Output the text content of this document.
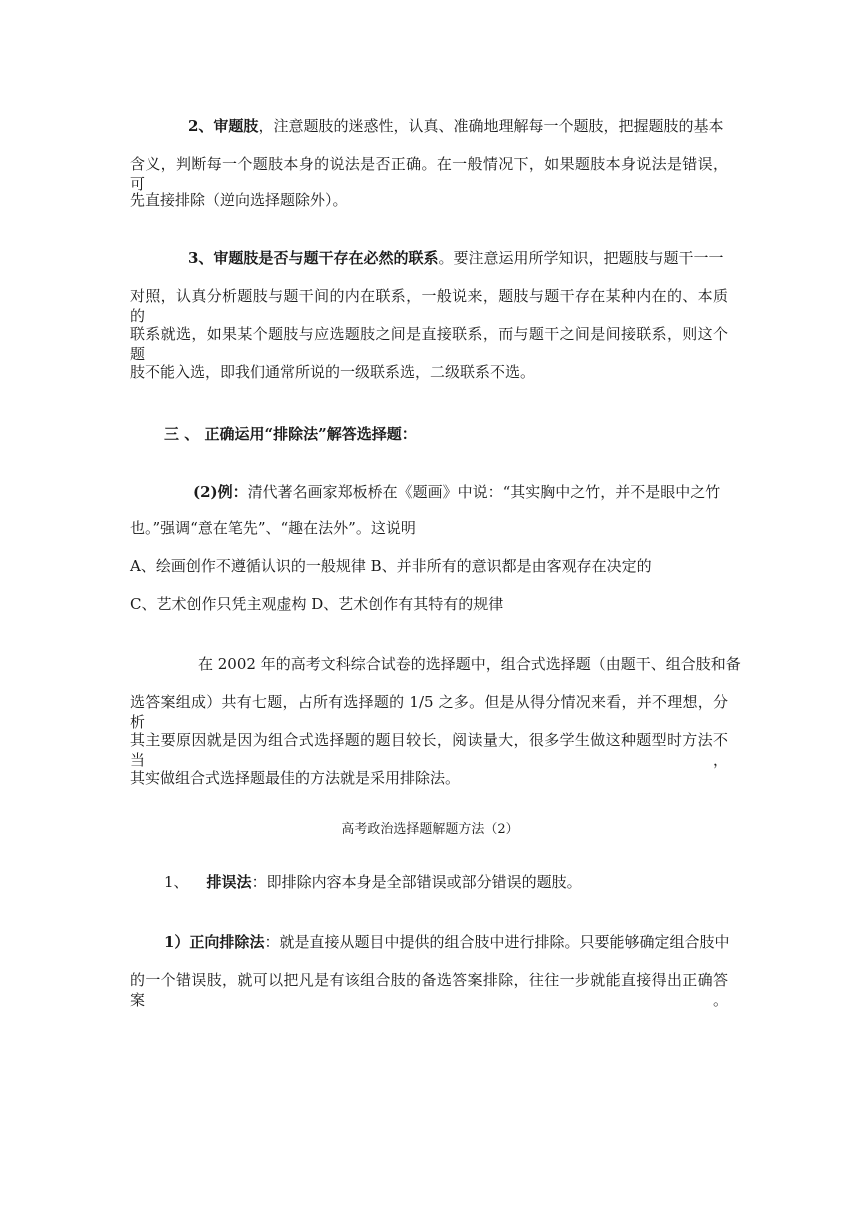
2、审题肢，注意题肢的迷惑性，认真、准确地理解每一个题肢，把握题肢的基本
含义，判断每一个题肢本身的说法是否正确。在一般情况下，如果题肢本身说法是错误，可
先直接排除（逆向选择题除外）。
3、审题肢是否与题干存在必然的联系。要注意运用所学知识，把题肢与题干一一
对照，认真分析题肢与题干间的内在联系，一般说来，题肢与题干存在某种内在的、本质的
联系就选，如果某个题肢与应选题肢之间是直接联系，而与题干之间是间接联系，则这个题
肢不能入选，即我们通常所说的一级联系选，二级联系不选。
三 、 正确运用“排除法”解答选择题：
(2)例：清代著名画家郑板桥在《题画》中说：“其实胸中之竹，并不是眼中之竹
也。”强调“意在笔先”、“趣在法外”。这说明
A、绘画创作不遵循认识的一般规律 B、并非所有的意识都是由客观存在决定的
C、艺术创作只凭主观虚构 D、艺术创作有其特有的规律
在 2002 年的高考文科综合试卷的选择题中，组合式选择题（由题干、组合肢和备
选答案组成）共有七题，占所有选择题的 1/5 之多。但是从得分情况来看，并不理想，分析
其主要原因就是因为组合式选择题的题目较长，阅读量大，很多学生做这种题型时方法不当，
其实做组合式选择题最佳的方法就是采用排除法。
高考政治选择题解题方法（2）
1、 排误法：即排除内容本身是全部错误或部分错误的题肢。
1）正向排除法：就是直接从题目中提供的组合肢中进行排除。只要能够确定组合肢中
的一个错误肢，就可以把凡是有该组合肢的备选答案排除，往往一步就能直接得出正确答案。
